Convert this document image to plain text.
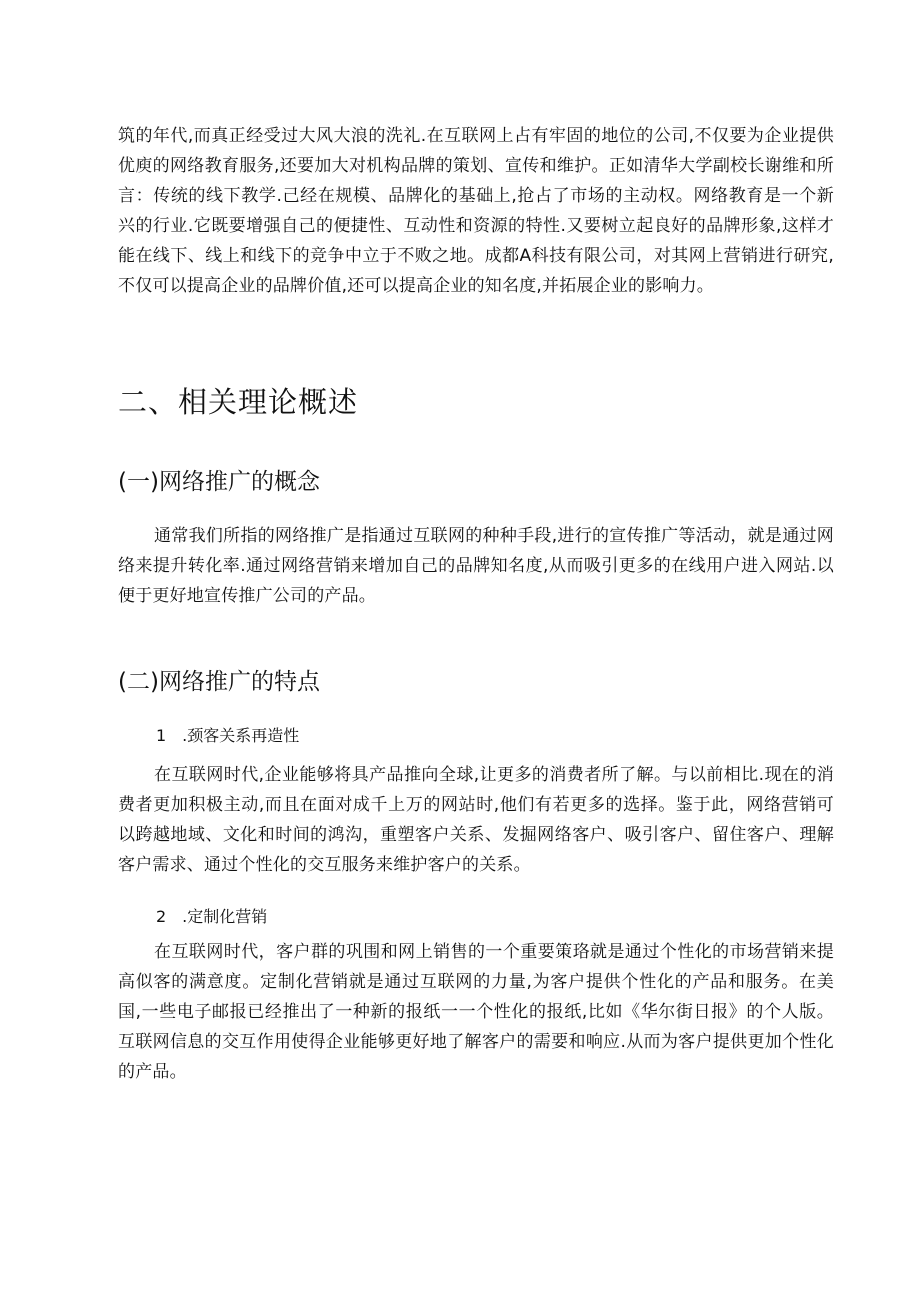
筑的年代,而真正经受过大风大浪的洗礼.在互联网上占有牢固的地位的公司,不仅要为企业提供优庾的网络教育服务,还要加大对机构品牌的策划、宣传和维护。正如清华大学副校长谢维和所言：传统的线下教学.己经在规模、品牌化的基础上,抢占了市场的主动权。网络教育是一个新兴的行业.它既要增强自己的便捷性、互动性和资源的特性.又要树立起良好的品牌形象,这样才能在线下、线上和线下的竞争中立于不败之地。成都A科技有限公司，对其网上营销进行研究,不仅可以提高企业的品牌价值,还可以提高企业的知名度,并拓展企业的影响力。

二、相关理论概述
(一)网络推广的概念

通常我们所指的网络推广是指通过互联网的种种手段,进行的宣传推广等活动，就是通过网络来提升转化率.通过网络营销来增加自己的品牌知名度,从而吸引更多的在线用户进入网站.以便于更好地宣传推广公司的产品。

(二)网络推广的特点

1　.颈客关系再造性

在互联网时代,企业能够将具产品推向全球,让更多的消费者所了解。与以前相比.现在的消费者更加积极主动,而且在面对成千上万的网站时,他们有若更多的选择。鉴于此，网络营销可以跨越地域、文化和时间的鸿沟，重塑客户关系、发掘网络客户、吸引客户、留住客户、理解客户需求、通过个性化的交互服务来维护客户的关系。

2　.定制化营销

在互联网时代，客户群的巩围和网上销售的一个重要策珞就是通过个性化的市场营销来提高似客的满意度。定制化营销就是通过互联网的力量,为客户提供个性化的产品和服务。在美国,一些电子邮报已经推出了一种新的报纸一一个性化的报纸,比如《华尔街日报》的个人版。互联网信息的交互作用使得企业能够更好地了解客户的需要和响应.从而为客户提供更加个性化的产品。
